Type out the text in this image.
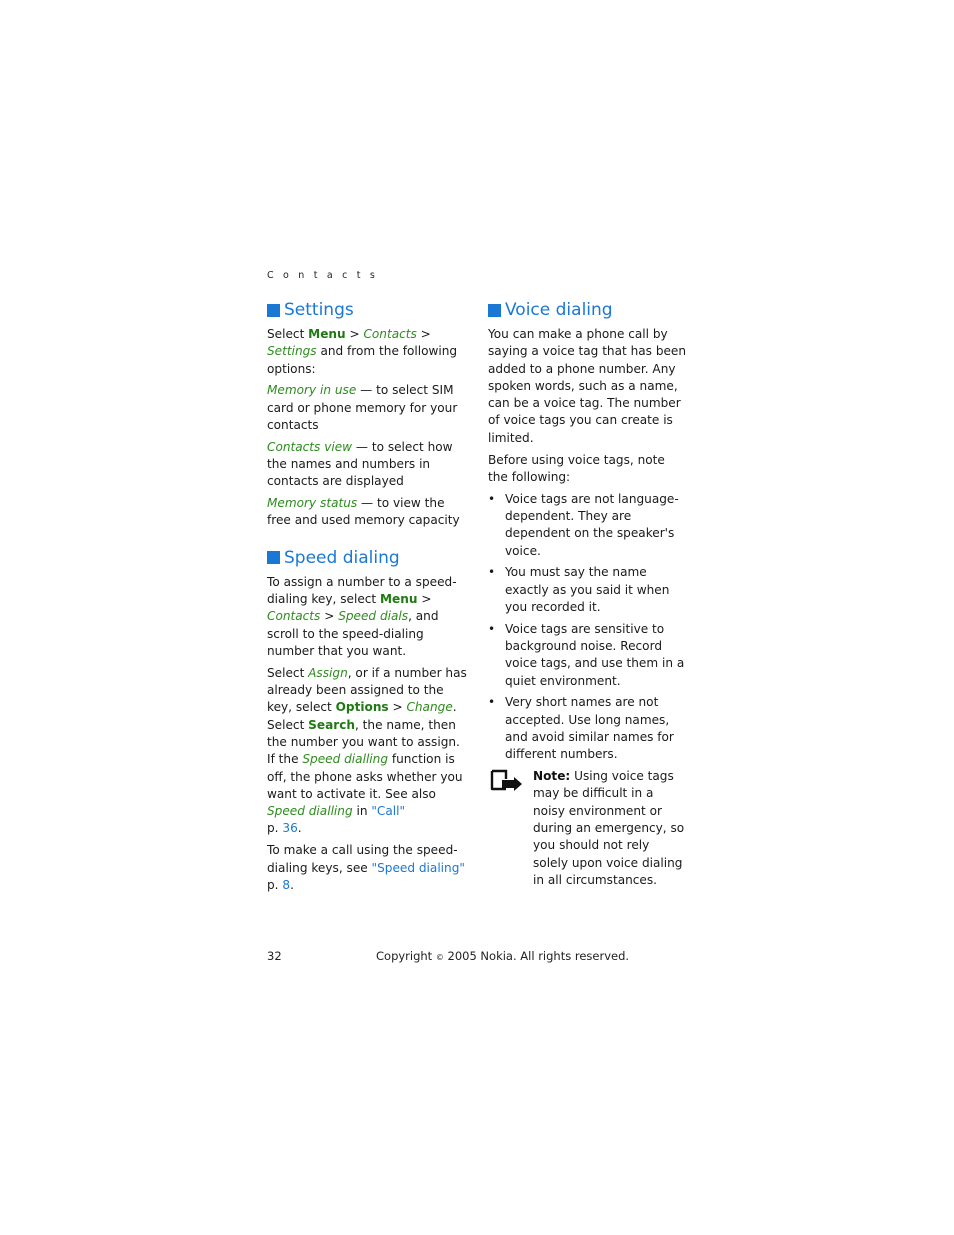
C o n t a c t s
Settings

Select Menu > Contacts > Settings and from the following options:

Memory in use — to select SIM card or phone memory for your contacts

Contacts view — to select how the names and numbers in contacts are displayed

Memory status — to view the free and used memory capacity

Speed dialing

To assign a number to a speed-dialing key, select Menu > Contacts > Speed dials, and scroll to the speed-dialing number that you want.

Select Assign, or if a number has already been assigned to the key, select Options > Change. Select Search, the name, then the number you want to assign. If the Speed dialling function is off, the phone asks whether you want to activate it. See also Speed dialling in "Call"
p. 36.

To make a call using the speed-dialing keys, see "Speed dialing" p. 8.

Voice dialing

You can make a phone call by saying a voice tag that has been added to a phone number. Any spoken words, such as a name, can be a voice tag. The number of voice tags you can create is limited.

Before using voice tags, note the following:

• Voice tags are not language-dependent. They are dependent on the speaker's voice.
• You must say the name exactly as you said it when you recorded it.
• Voice tags are sensitive to background noise. Record voice tags, and use them in a quiet environment.
• Very short names are not accepted. Use long names, and avoid similar names for different numbers.
Note: Using voice tags may be difficult in a noisy environment or during an emergency, so you should not rely solely upon voice dialing in all circumstances.
32	Copyright © 2005 Nokia. All rights reserved.
